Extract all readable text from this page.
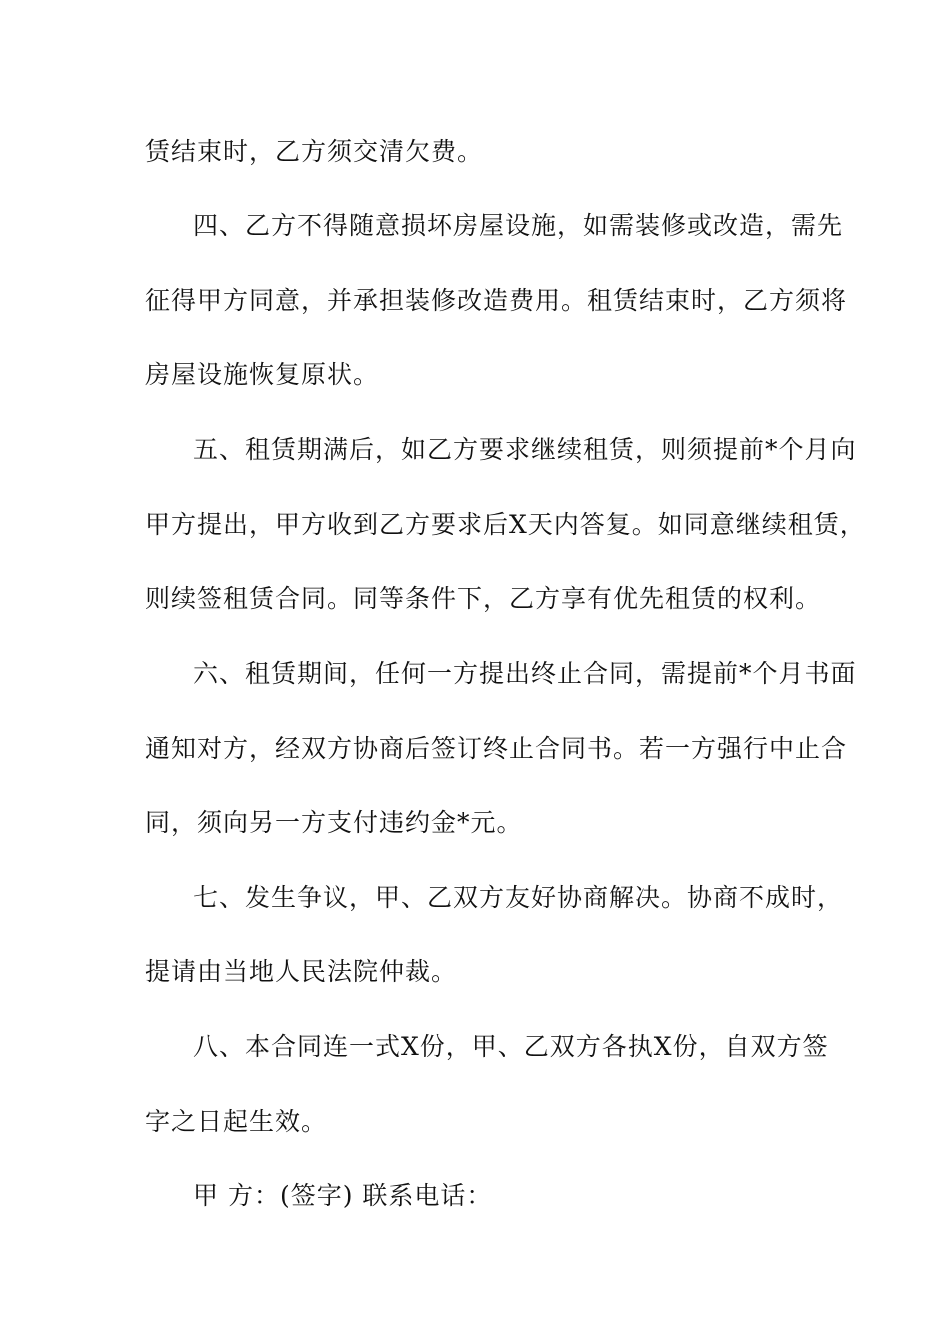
赁结束时，乙方须交清欠费。
四、乙方不得随意损坏房屋设施，如需装修或改造，需先
征得甲方同意，并承担装修改造费用。租赁结束时，乙方须将
房屋设施恢复原状。
五、租赁期满后，如乙方要求继续租赁，则须提前*个月向
甲方提出，甲方收到乙方要求后X天内答复。如同意继续租赁，
则续签租赁合同。同等条件下，乙方享有优先租赁的权利。
六、租赁期间，任何一方提出终止合同，需提前*个月书面
通知对方，经双方协商后签订终止合同书。若一方强行中止合
同，须向另一方支付违约金*元。
七、发生争议，甲、乙双方友好协商解决。协商不成时，
提请由当地人民法院仲裁。
八、本合同连一式X份，甲、乙双方各执X份，自双方签
字之日起生效。
甲 方：(签字) 联系电话：
